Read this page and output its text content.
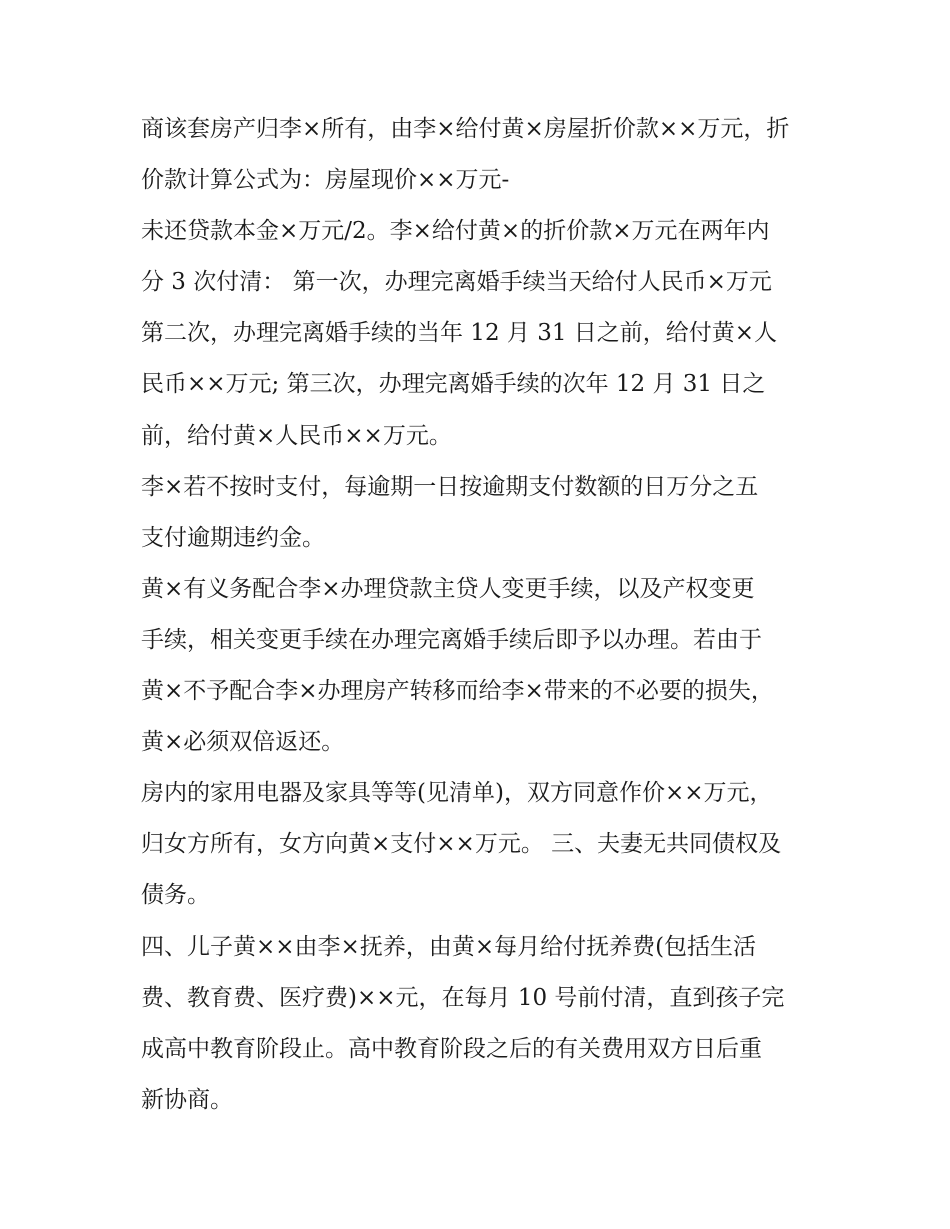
商该套房产归李×所有，由李×给付黄×房屋折价款××万元，折
价款计算公式为：房屋现价××万元-
未还贷款本金×万元/2。李×给付黄×的折价款×万元在两年内
分 3 次付清： 第一次，办理完离婚手续当天给付人民币×万元
第二次，办理完离婚手续的当年 12 月 31 日之前，给付黄×人
民币××万元; 第三次，办理完离婚手续的次年 12 月 31 日之
前，给付黄×人民币××万元。
李×若不按时支付，每逾期一日按逾期支付数额的日万分之五
支付逾期违约金。
黄×有义务配合李×办理贷款主贷人变更手续，以及产权变更
手续，相关变更手续在办理完离婚手续后即予以办理。若由于
黄×不予配合李×办理房产转移而给李×带来的不必要的损失，
黄×必须双倍返还。
房内的家用电器及家具等等(见清单)，双方同意作价××万元，
归女方所有，女方向黄×支付××万元。 三、夫妻无共同债权及
债务。
四、儿子黄××由李×抚养，由黄×每月给付抚养费(包括生活
费、教育费、医疗费)××元，在每月 10 号前付清，直到孩子完
成高中教育阶段止。高中教育阶段之后的有关费用双方日后重
新协商。
